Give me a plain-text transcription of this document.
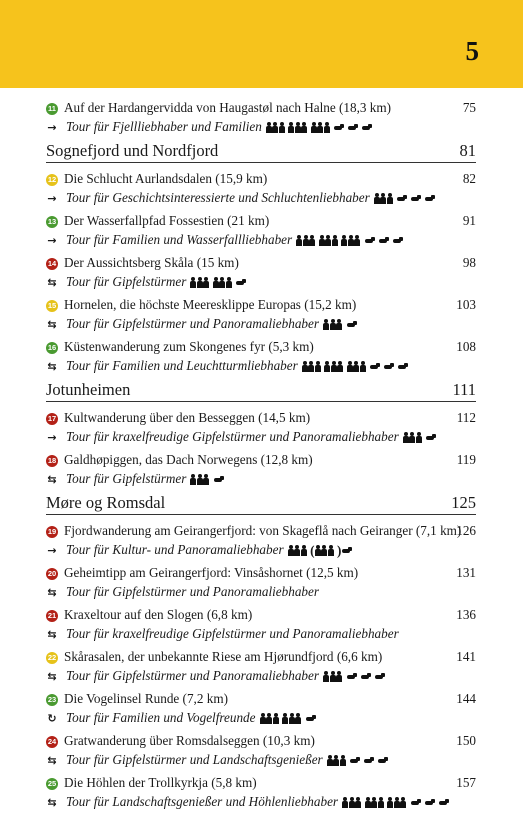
5
11 Auf der Hardangervidda von Haugastøl nach Halne (18,3 km)	75
→ Tour für Fjellliebhaber und Familien
Sognefjord und Nordfjord	81
12 Die Schlucht Aurlandsdalen (15,9 km)	82
→ Tour für Geschichtsinteressierte und Schluchtenliebhaber
13 Der Wasserfallpfad Fossestien (21 km)	91
→ Tour für Familien und Wasserfallliebhaber
14 Der Aussichtsberg Skåla (15 km)	98
⇆ Tour für Gipfelstürmer
15 Hornelen, die höchste Meeresklippe Europas (15,2 km)	103
⇆ Tour für Gipfelstürmer und Panoramaliebhaber
16 Küstenwanderung zum Skongenes fyr (5,3 km)	108
⇆ Tour für Familien und Leuchtturmliebhaber
Jotunheimen	111
17 Kultwanderung über den Besseggen (14,5 km)	112
→ Tour für kraxelfreudige Gipfelstürmer und Panoramaliebhaber
18 Galdhøpiggen, das Dach Norwegens (12,8 km)	119
⇆ Tour für Gipfelstürmer
Møre og Romsdal	125
19 Fjordwanderung am Geirangerfjord: von Skageflå nach Geiranger (7,1 km)
126
→ Tour für Kultur- und Panoramaliebhaber ( )
20 Geheimtipp am Geirangerfjord: Vinsåshornet (12,5 km)	131
⇆ Tour für Gipfelstürmer und Panoramaliebhaber
21 Kraxeltour auf den Slogen (6,8 km)	136
⇆ Tour für kraxelfreudige Gipfelstürmer und Panoramaliebhaber
22 Skårasalen, der unbekannte Riese am Hjørundfjord (6,6 km)	141
⇆ Tour für Gipfelstürmer und Panoramaliebhaber
23 Die Vogelinsel Runde (7,2 km)	144
↻ Tour für Familien und Vogelfreunde
24 Gratwanderung über Romsdalseggen (10,3 km)	150
⇆ Tour für Gipfelstürmer und Landschaftsgenießer
25 Die Höhlen der Trollkyrkja (5,8 km)	157
⇆ Tour für Landschaftsgenießer und Höhlenliebhaber
